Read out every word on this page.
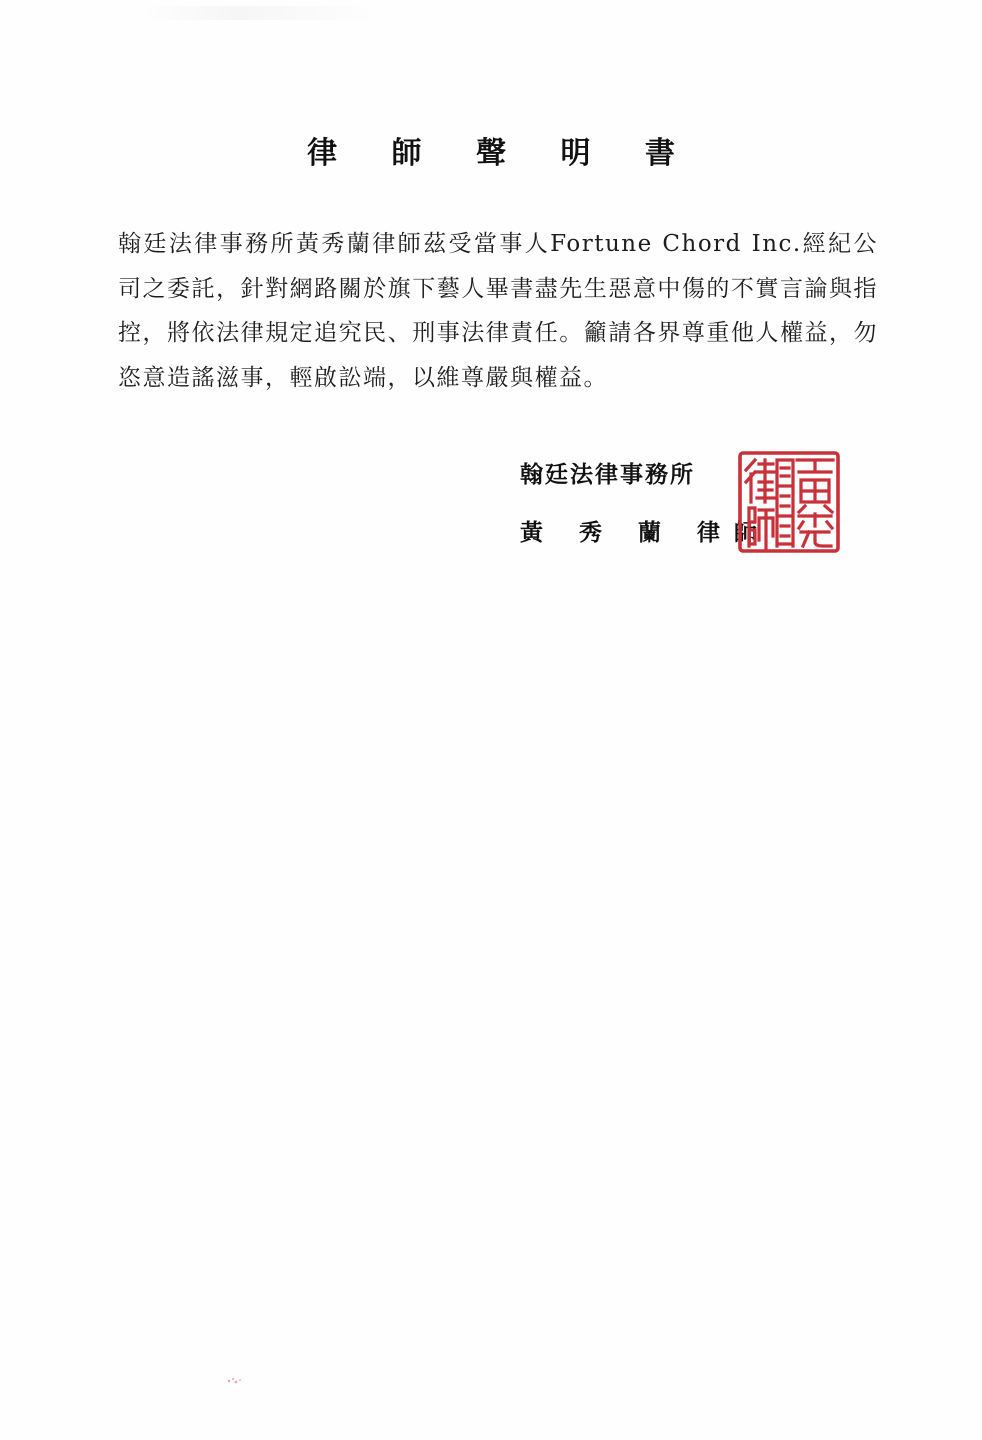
律 師 聲 明 書
翰廷法律事務所黃秀蘭律師茲受當事人Fortune Chord Inc.經紀公司之委託，針對網路關於旗下藝人畢書盡先生惡意中傷的不實言論與指控，將依法律規定追究民、刑事法律責任。籲請各界尊重他人權益，勿恣意造謠滋事，輕啟訟端，以維尊嚴與權益。
翰廷法律事務所
黃 秀 蘭 律師
